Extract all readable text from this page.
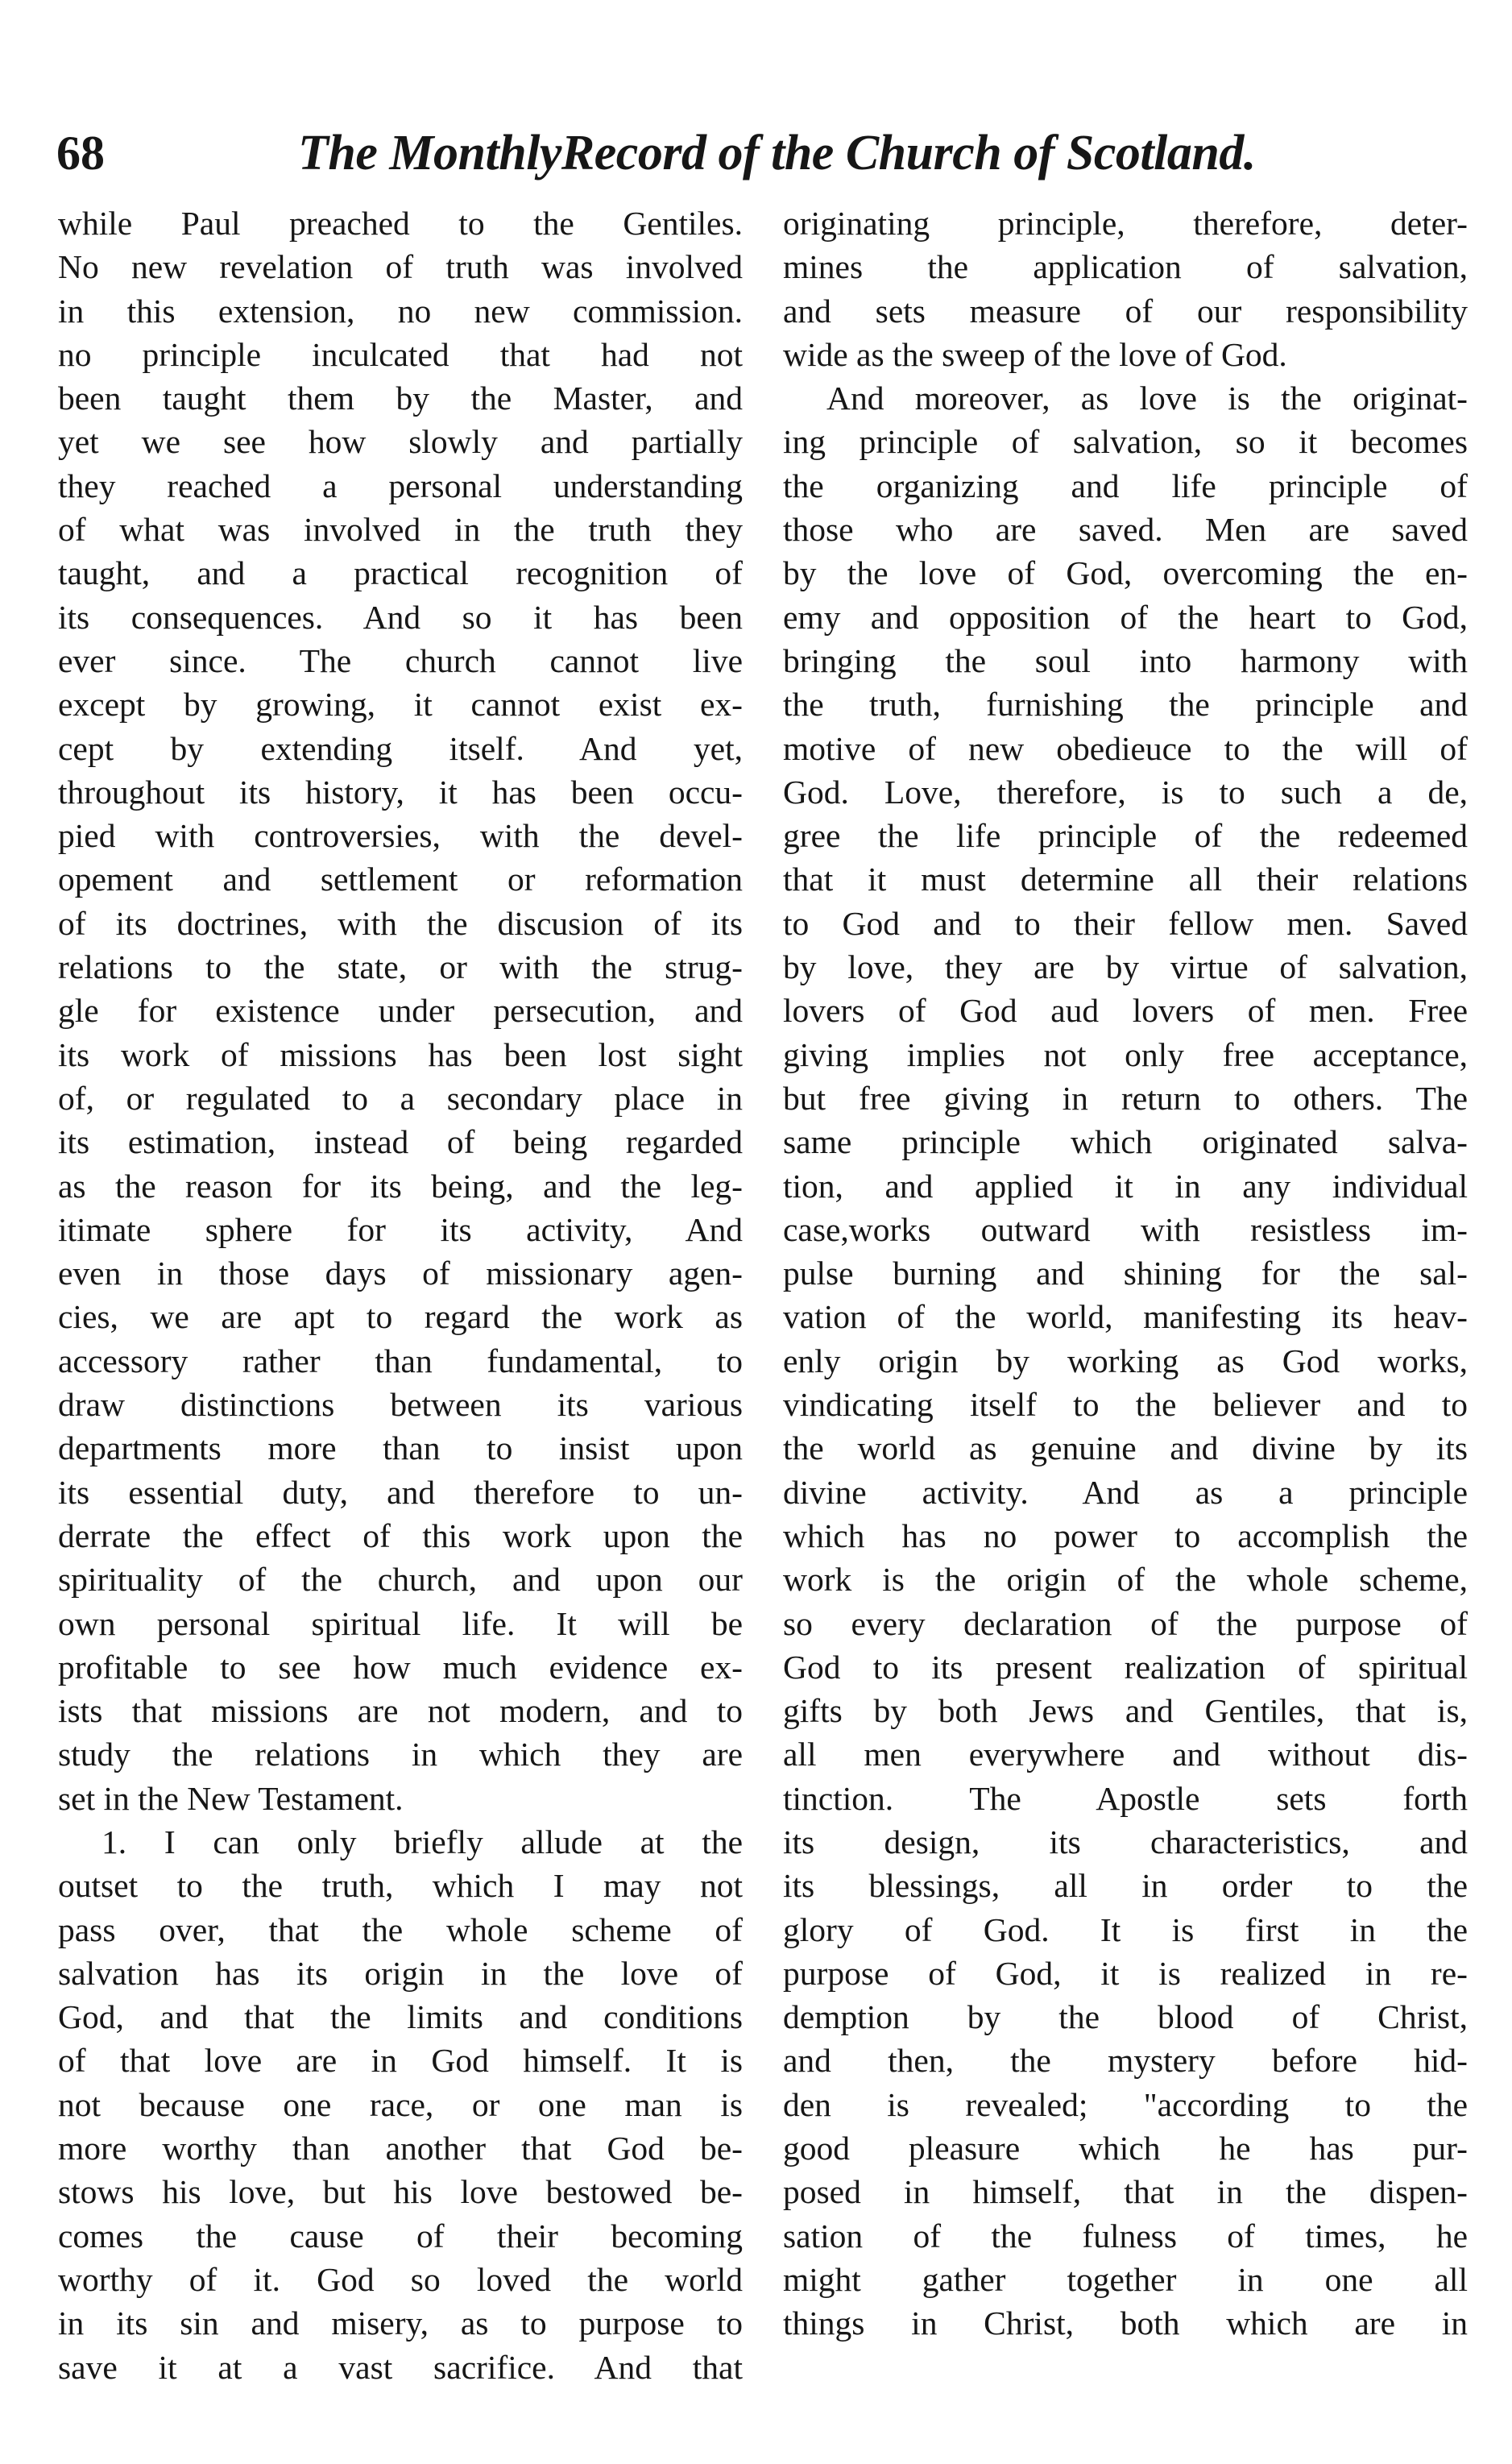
68	The MonthlyRecord of the Church of Scotland.
while Paul preached to the Gentiles.
No new revelation of truth was involved
in this extension, no new commission.
no principle inculcated that had not
been taught them by the Master, and
yet we see how slowly and partially
they reached a personal understanding
of what was involved in the truth they
taught, and a practical recognition of
its consequences. And so it has been
ever since. The church cannot live
except by growing, it cannot exist ex-
cept by extending itself. And yet,
throughout its history, it has been occu-
pied with controversies, with the devel-
opement and settlement or reformation
of its doctrines, with the discusion of its
relations to the state, or with the strug-
gle for existence under persecution, and
its work of missions has been lost sight
of, or regulated to a secondary place in
its estimation, instead of being regarded
as the reason for its being, and the leg-
itimate sphere for its activity, And
even in those days of missionary agen-
cies, we are apt to regard the work as
accessory rather than fundamental, to
draw distinctions between its various
departments more than to insist upon
its essential duty, and therefore to un-
derrate the effect of this work upon the
spirituality of the church, and upon our
own personal spiritual life. It will be
profitable to see how much evidence ex-
ists that missions are not modern, and to
study the relations in which they are
set in the New Testament.
1. I can only briefly allude at the
outset to the truth, which I may not
pass over, that the whole scheme of
salvation has its origin in the love of
God, and that the limits and conditions
of that love are in God himself. It is
not because one race, or one man is
more worthy than another that God be-
stows his love, but his love bestowed be-
comes the cause of their becoming
worthy of it. God so loved the world
in its sin and misery, as to purpose to
save it at a vast sacrifice. And that
originating principle, therefore, deter-
mines the application of salvation,
and sets measure of our responsibility
wide as the sweep of the love of God.
And moreover, as love is the originat-
ing principle of salvation, so it becomes
the organizing and life principle of
those who are saved. Men are saved
by the love of God, overcoming the en-
emy and opposition of the heart to God,
bringing the soul into harmony with
the truth, furnishing the principle and
motive of new obedieuce to the will of
God. Love, therefore, is to such a de,
gree the life principle of the redeemed
that it must determine all their relations
to God and to their fellow men. Saved
by love, they are by virtue of salvation,
lovers of God aud lovers of men. Free
giving implies not only free acceptance,
but free giving in return to others. The
same principle which originated salva-
tion, and applied it in any individual
case,works outward with resistless im-
pulse burning and shining for the sal-
vation of the world, manifesting its heav-
enly origin by working as God works,
vindicating itself to the believer and to
the world as genuine and divine by its
divine activity. And as a principle
which has no power to accomplish the
work is the origin of the whole scheme,
so every declaration of the purpose of
God to its present realization of spiritual
gifts by both Jews and Gentiles, that is,
all men everywhere and without dis-
tinction. The Apostle sets forth
its design, its characteristics, and
its blessings, all in order to the
glory of God. It is first in the
purpose of God, it is realized in re-
demption by the blood of Christ,
and then, the mystery before hid-
den is revealed; "according to the
good pleasure which he has pur-
posed in himself, that in the dispen-
sation of the fulness of times, he
might gather together in one all
things in Christ, both which are in
